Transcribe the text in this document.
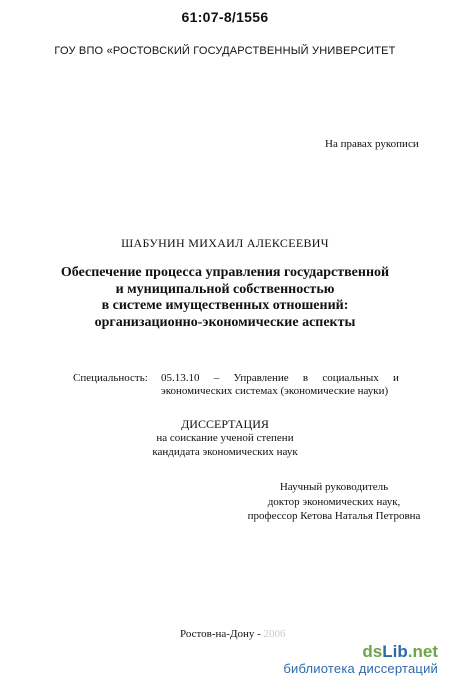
61:07-8/1556
ГОУ ВПО «РОСТОВСКИЙ ГОСУДАРСТВЕННЫЙ УНИВЕРСИТЕТ
На правах рукописи
ШАБУНИН МИХАИЛ АЛЕКСЕЕВИЧ
Обеспечение процесса управления государственной
и муниципальной собственностью
в системе имущественных отношений:
организационно-экономические аспекты
Специальность: 05.13.10 – Управление в социальных и
экономических системах (экономические науки)
ДИССЕРТАЦИЯ
на соискание ученой степени
кандидата экономических наук
Научный руководитель
доктор экономических наук,
профессор Кетова Наталья Петровна
Ростов-на-Дону - 2006
dsLib.net
библиотека диссертаций
